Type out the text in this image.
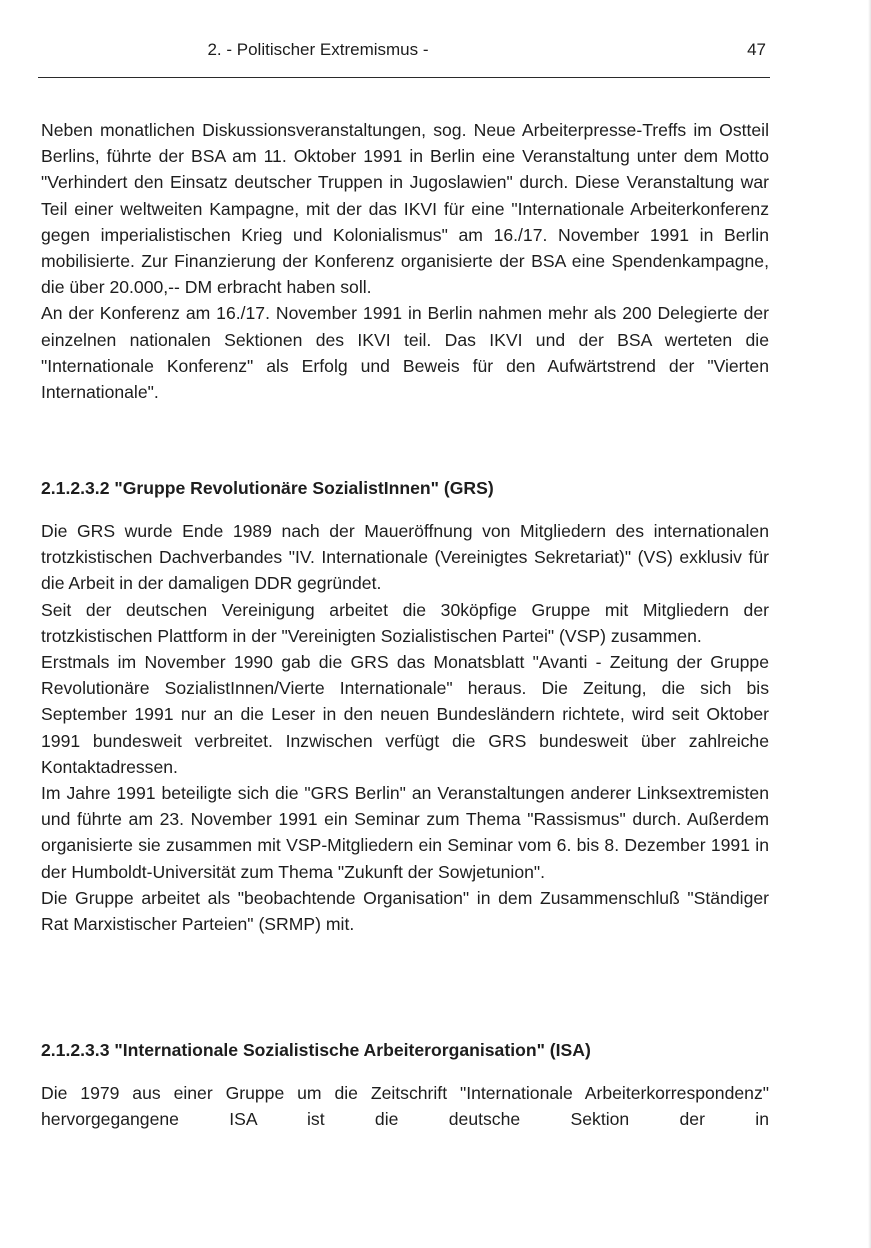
2. - Politischer Extremismus -	47

Neben monatlichen Diskussionsveranstaltungen, sog. Neue Arbeiterpresse-Treffs im Ostteil Berlins, führte der BSA am 11. Oktober 1991 in Berlin eine Veranstaltung unter dem Motto "Verhindert den Einsatz deutscher Truppen in Jugoslawien" durch. Diese Veranstaltung war Teil einer weltweiten Kampagne, mit der das IKVI für eine "Internationale Arbeiterkonferenz gegen imperialistischen Krieg und Kolonialismus" am 16./17. November 1991 in Berlin mobilisierte. Zur Finanzierung der Konferenz organisierte der BSA eine Spendenkampagne, die über 20.000,-- DM erbracht haben soll.

An der Konferenz am 16./17. November 1991 in Berlin nahmen mehr als 200 Delegierte der einzelnen nationalen Sektionen des IKVI teil. Das IKVI und der BSA werteten die "Internationale Konferenz" als Erfolg und Beweis für den Aufwärtstrend der "Vierten Internationale".

2.1.2.3.2 "Gruppe Revolutionäre SozialistInnen" (GRS)

Die GRS wurde Ende 1989 nach der Maueröffnung von Mitgliedern des internationalen trotzkistischen Dachverbandes "IV. Internationale (Vereinigtes Sekretariat)" (VS) exklusiv für die Arbeit in der damaligen DDR gegründet.

Seit der deutschen Vereinigung arbeitet die 30köpfige Gruppe mit Mitgliedern der trotzkistischen Plattform in der "Vereinigten Sozialistischen Partei" (VSP) zusammen.

Erstmals im November 1990 gab die GRS das Monatsblatt "Avanti - Zeitung der Gruppe Revolutionäre SozialistInnen/Vierte Internationale" heraus. Die Zeitung, die sich bis September 1991 nur an die Leser in den neuen Bundesländern richtete, wird seit Oktober 1991 bundesweit verbreitet. Inzwischen verfügt die GRS bundesweit über zahlreiche Kontaktadressen.

Im Jahre 1991 beteiligte sich die "GRS Berlin" an Veranstaltungen anderer Linksextremisten und führte am 23. November 1991 ein Seminar zum Thema "Rassismus" durch. Außerdem organisierte sie zusammen mit VSP-Mitgliedern ein Seminar vom 6. bis 8. Dezember 1991 in der Humboldt-Universität zum Thema "Zukunft der Sowjetunion".

Die Gruppe arbeitet als "beobachtende Organisation" in dem Zusammenschluß "Ständiger Rat Marxistischer Parteien" (SRMP) mit.

2.1.2.3.3 "Internationale Sozialistische Arbeiterorganisation" (ISA)

Die 1979 aus einer Gruppe um die Zeitschrift "Internationale Arbeiterkorrespondenz" hervorgegangene ISA ist die deutsche Sektion der in
